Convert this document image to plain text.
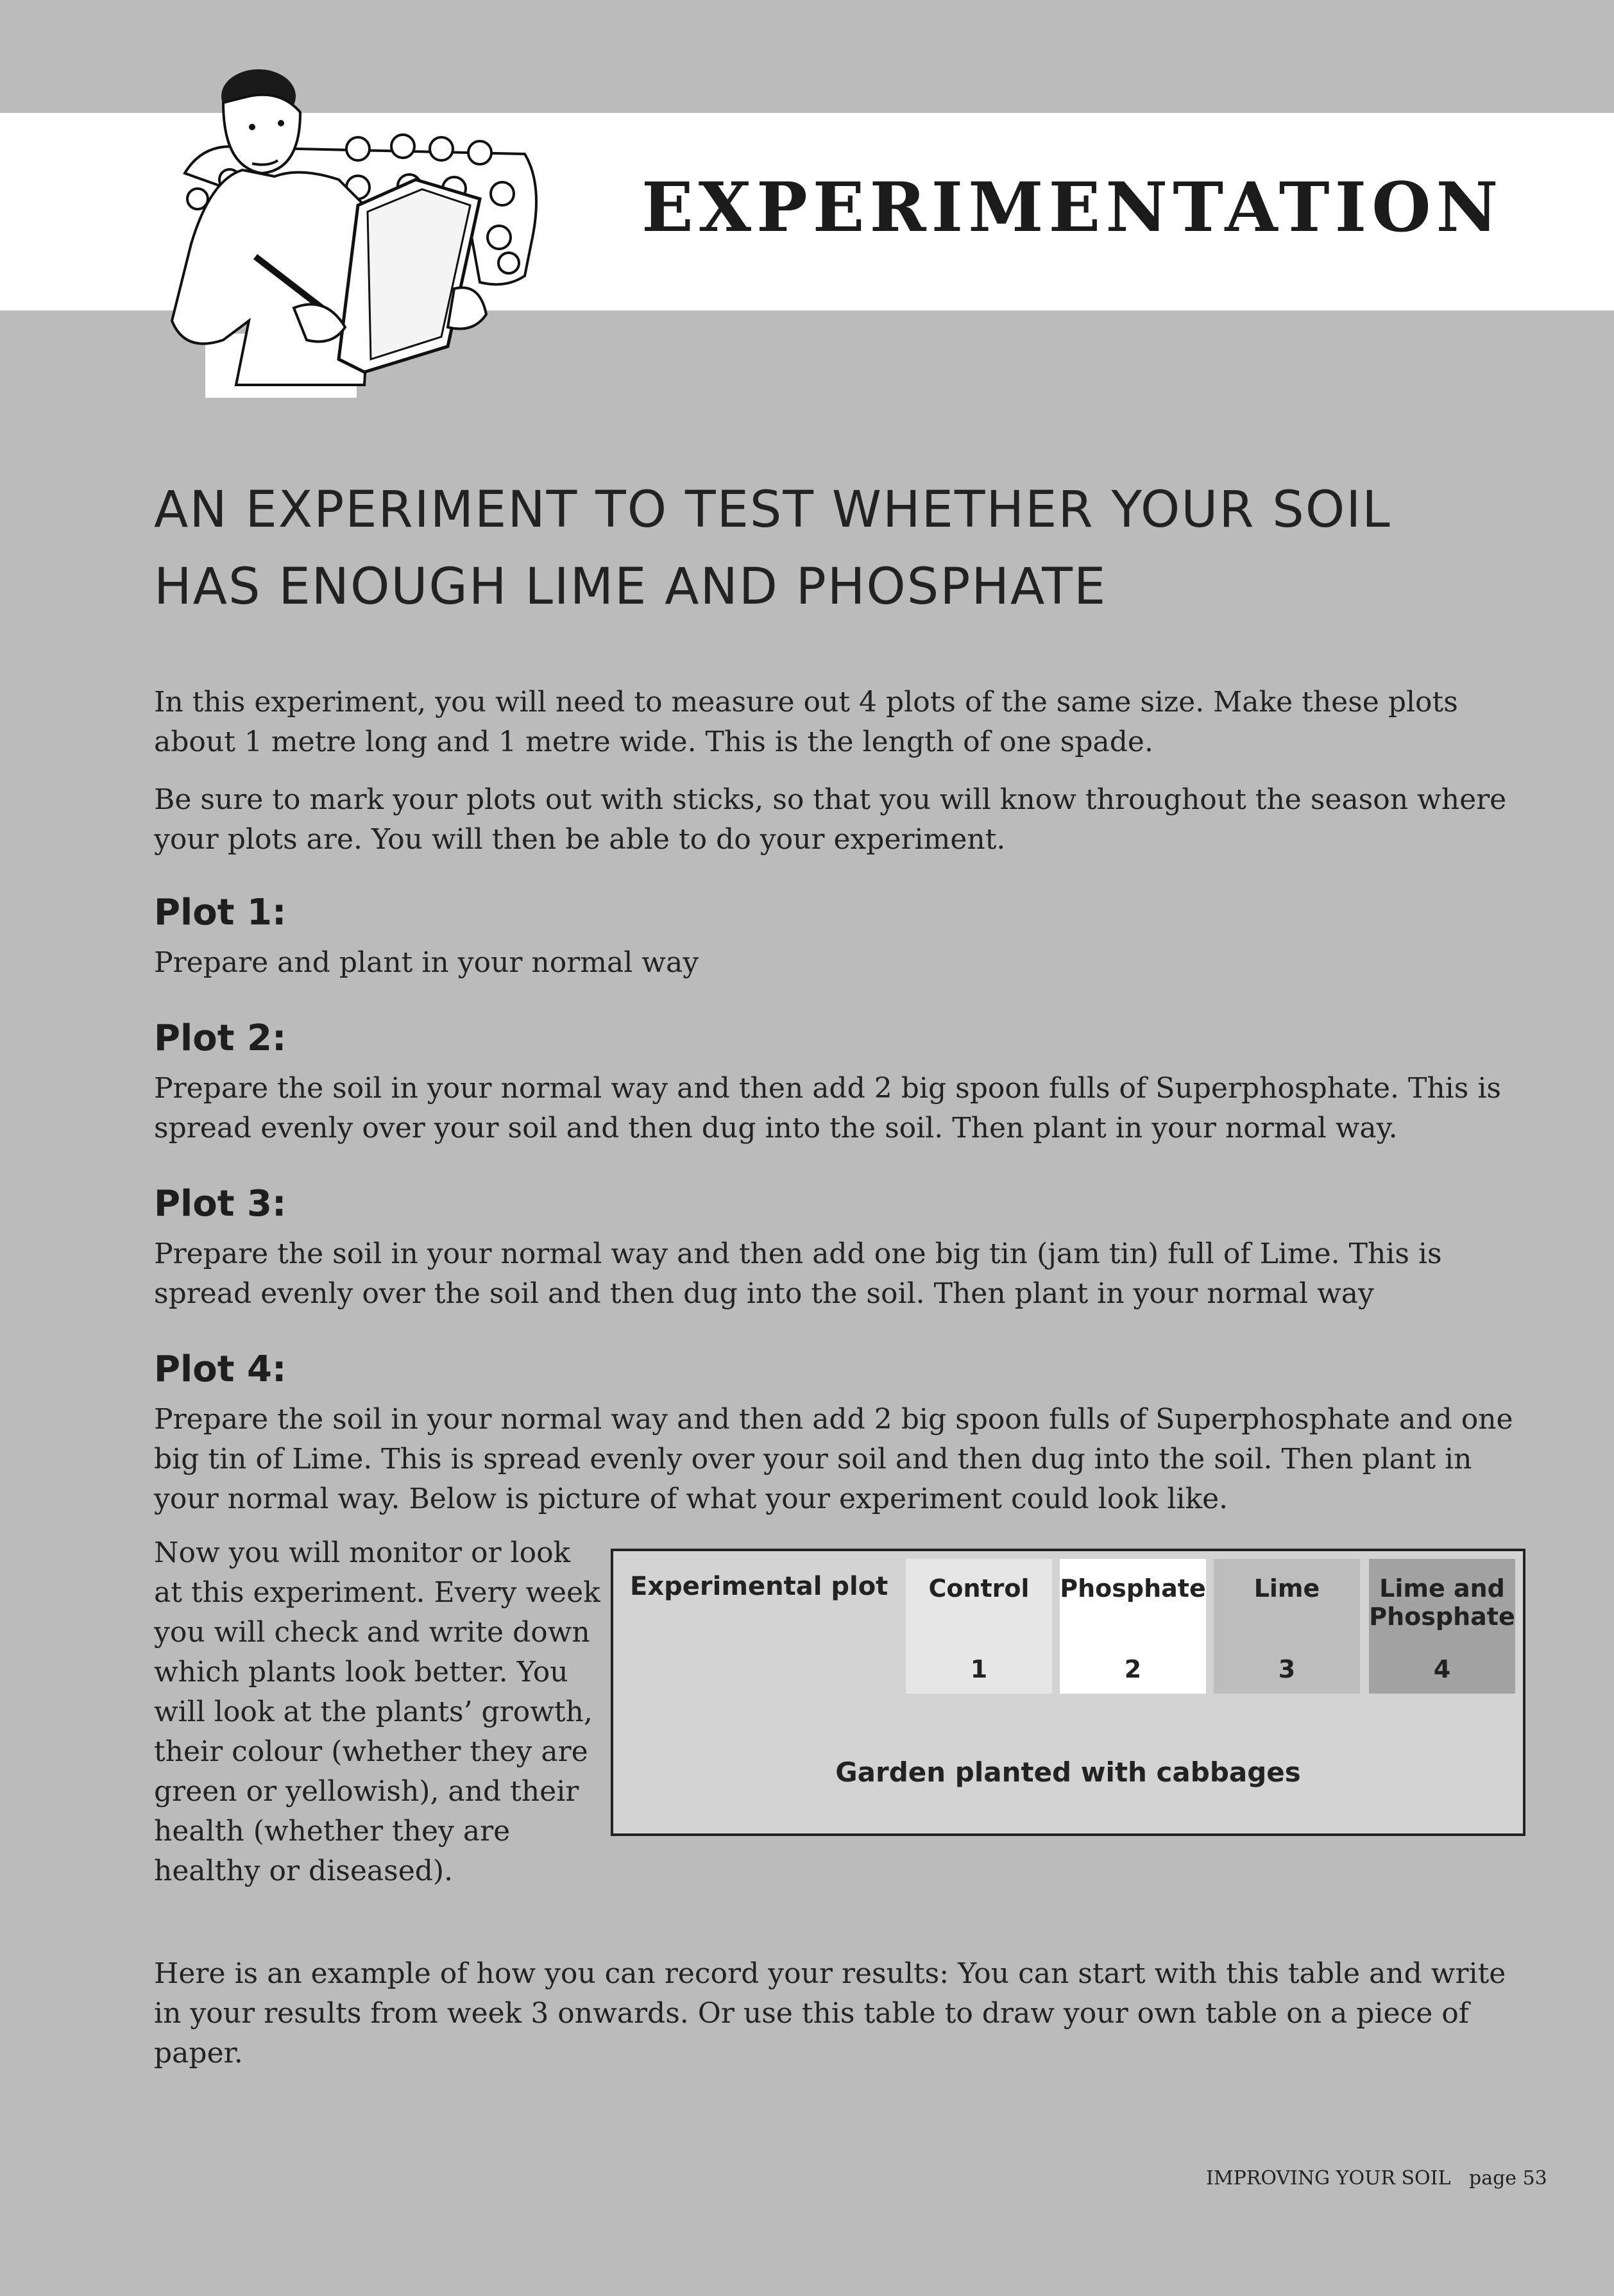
EXPERIMENTATION
AN EXPERIMENT TO TEST WHETHER YOUR SOIL
HAS ENOUGH LIME AND PHOSPHATE

In this experiment, you will need to measure out 4 plots of the same size. Make these plots about 1 metre long and 1 metre wide. This is the length of one spade.

Be sure to mark your plots out with sticks, so that you will know throughout the season where your plots are. You will then be able to do your experiment.

Plot 1:

Prepare and plant in your normal way

Plot 2:

Prepare the soil in your normal way and then add 2 big spoon fulls of Superphosphate. This is spread evenly over your soil and then dug into the soil. Then plant in your normal way.

Plot 3:

Prepare the soil in your normal way and then add one big tin (jam tin) full of Lime. This is spread evenly over the soil and then dug into the soil. Then plant in your normal way

Plot 4:

Prepare the soil in your normal way and then add 2 big spoon fulls of Superphosphate and one big tin of Lime. This is spread evenly over your soil and then dug into the soil. Then plant in your normal way. Below is picture of what your experiment could look like.

Now you will monitor or look at this experiment. Every week you will check and write down which plants look better. You will look at the plants’ growth, their colour (whether they are green or yellowish), and their health (whether they are healthy or diseased).

Experimental plot	Control
1
Phosphate
2
Lime
3
Lime and Phosphate
4
Garden planted with cabbages

Here is an example of how you can record your results: You can start with this table and write in your results from week 3 onwards. Or use this table to draw your own table on a piece of paper.

IMPROVING YOUR SOIL page 53
